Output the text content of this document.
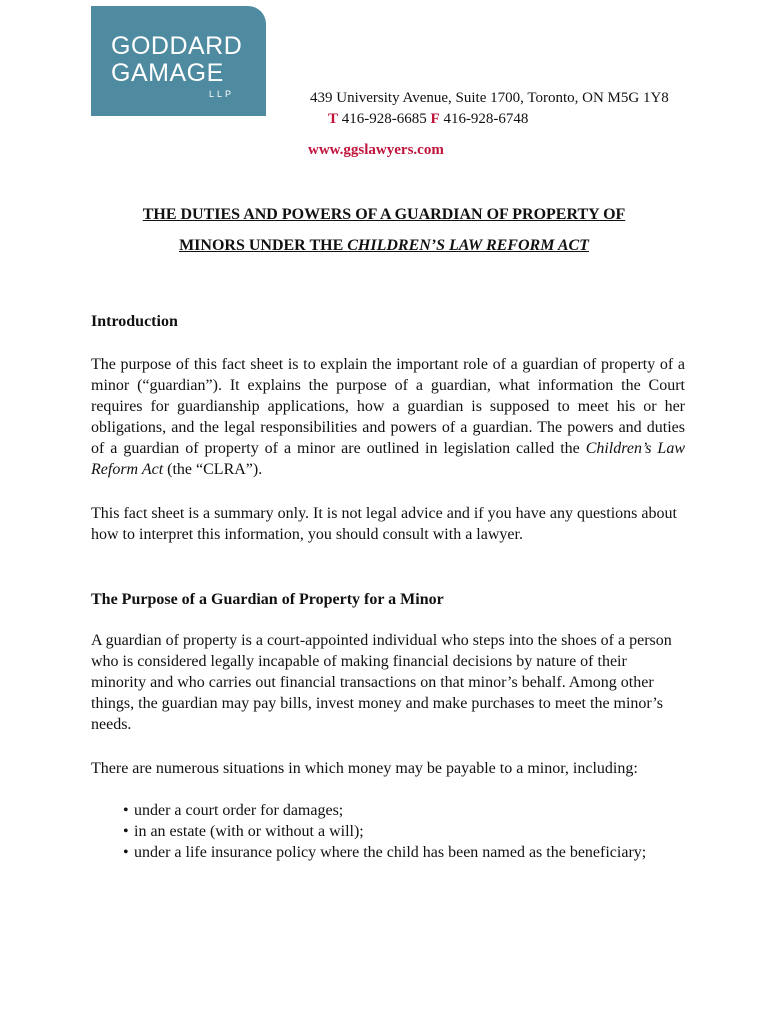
GODDARD
GAMAGE
LLP	439 University Avenue, Suite 1700, Toronto, ON M5G 1Y8
T 416-928-6685 F 416-928-6748
www.ggslawyers.com
THE DUTIES AND POWERS OF A GUARDIAN OF PROPERTY OF
MINORS UNDER THE CHILDREN’S LAW REFORM ACT
Introduction
The purpose of this fact sheet is to explain the important role of a guardian of property of a minor (“guardian”). It explains the purpose of a guardian, what information the Court requires for guardianship applications, how a guardian is supposed to meet his or her obligations, and the legal responsibilities and powers of a guardian. The powers and duties of a guardian of property of a minor are outlined in legislation called the Children’s Law Reform Act (the “CLRA”).
This fact sheet is a summary only. It is not legal advice and if you have any questions about how to interpret this information, you should consult with a lawyer.
The Purpose of a Guardian of Property for a Minor
A guardian of property is a court-appointed individual who steps into the shoes of a person who is considered legally incapable of making financial decisions by nature of their minority and who carries out financial transactions on that minor’s behalf. Among other things, the guardian may pay bills, invest money and make purchases to meet the minor’s needs.
There are numerous situations in which money may be payable to a minor, including:
• under a court order for damages;
• in an estate (with or without a will);
• under a life insurance policy where the child has been named as the beneficiary;
